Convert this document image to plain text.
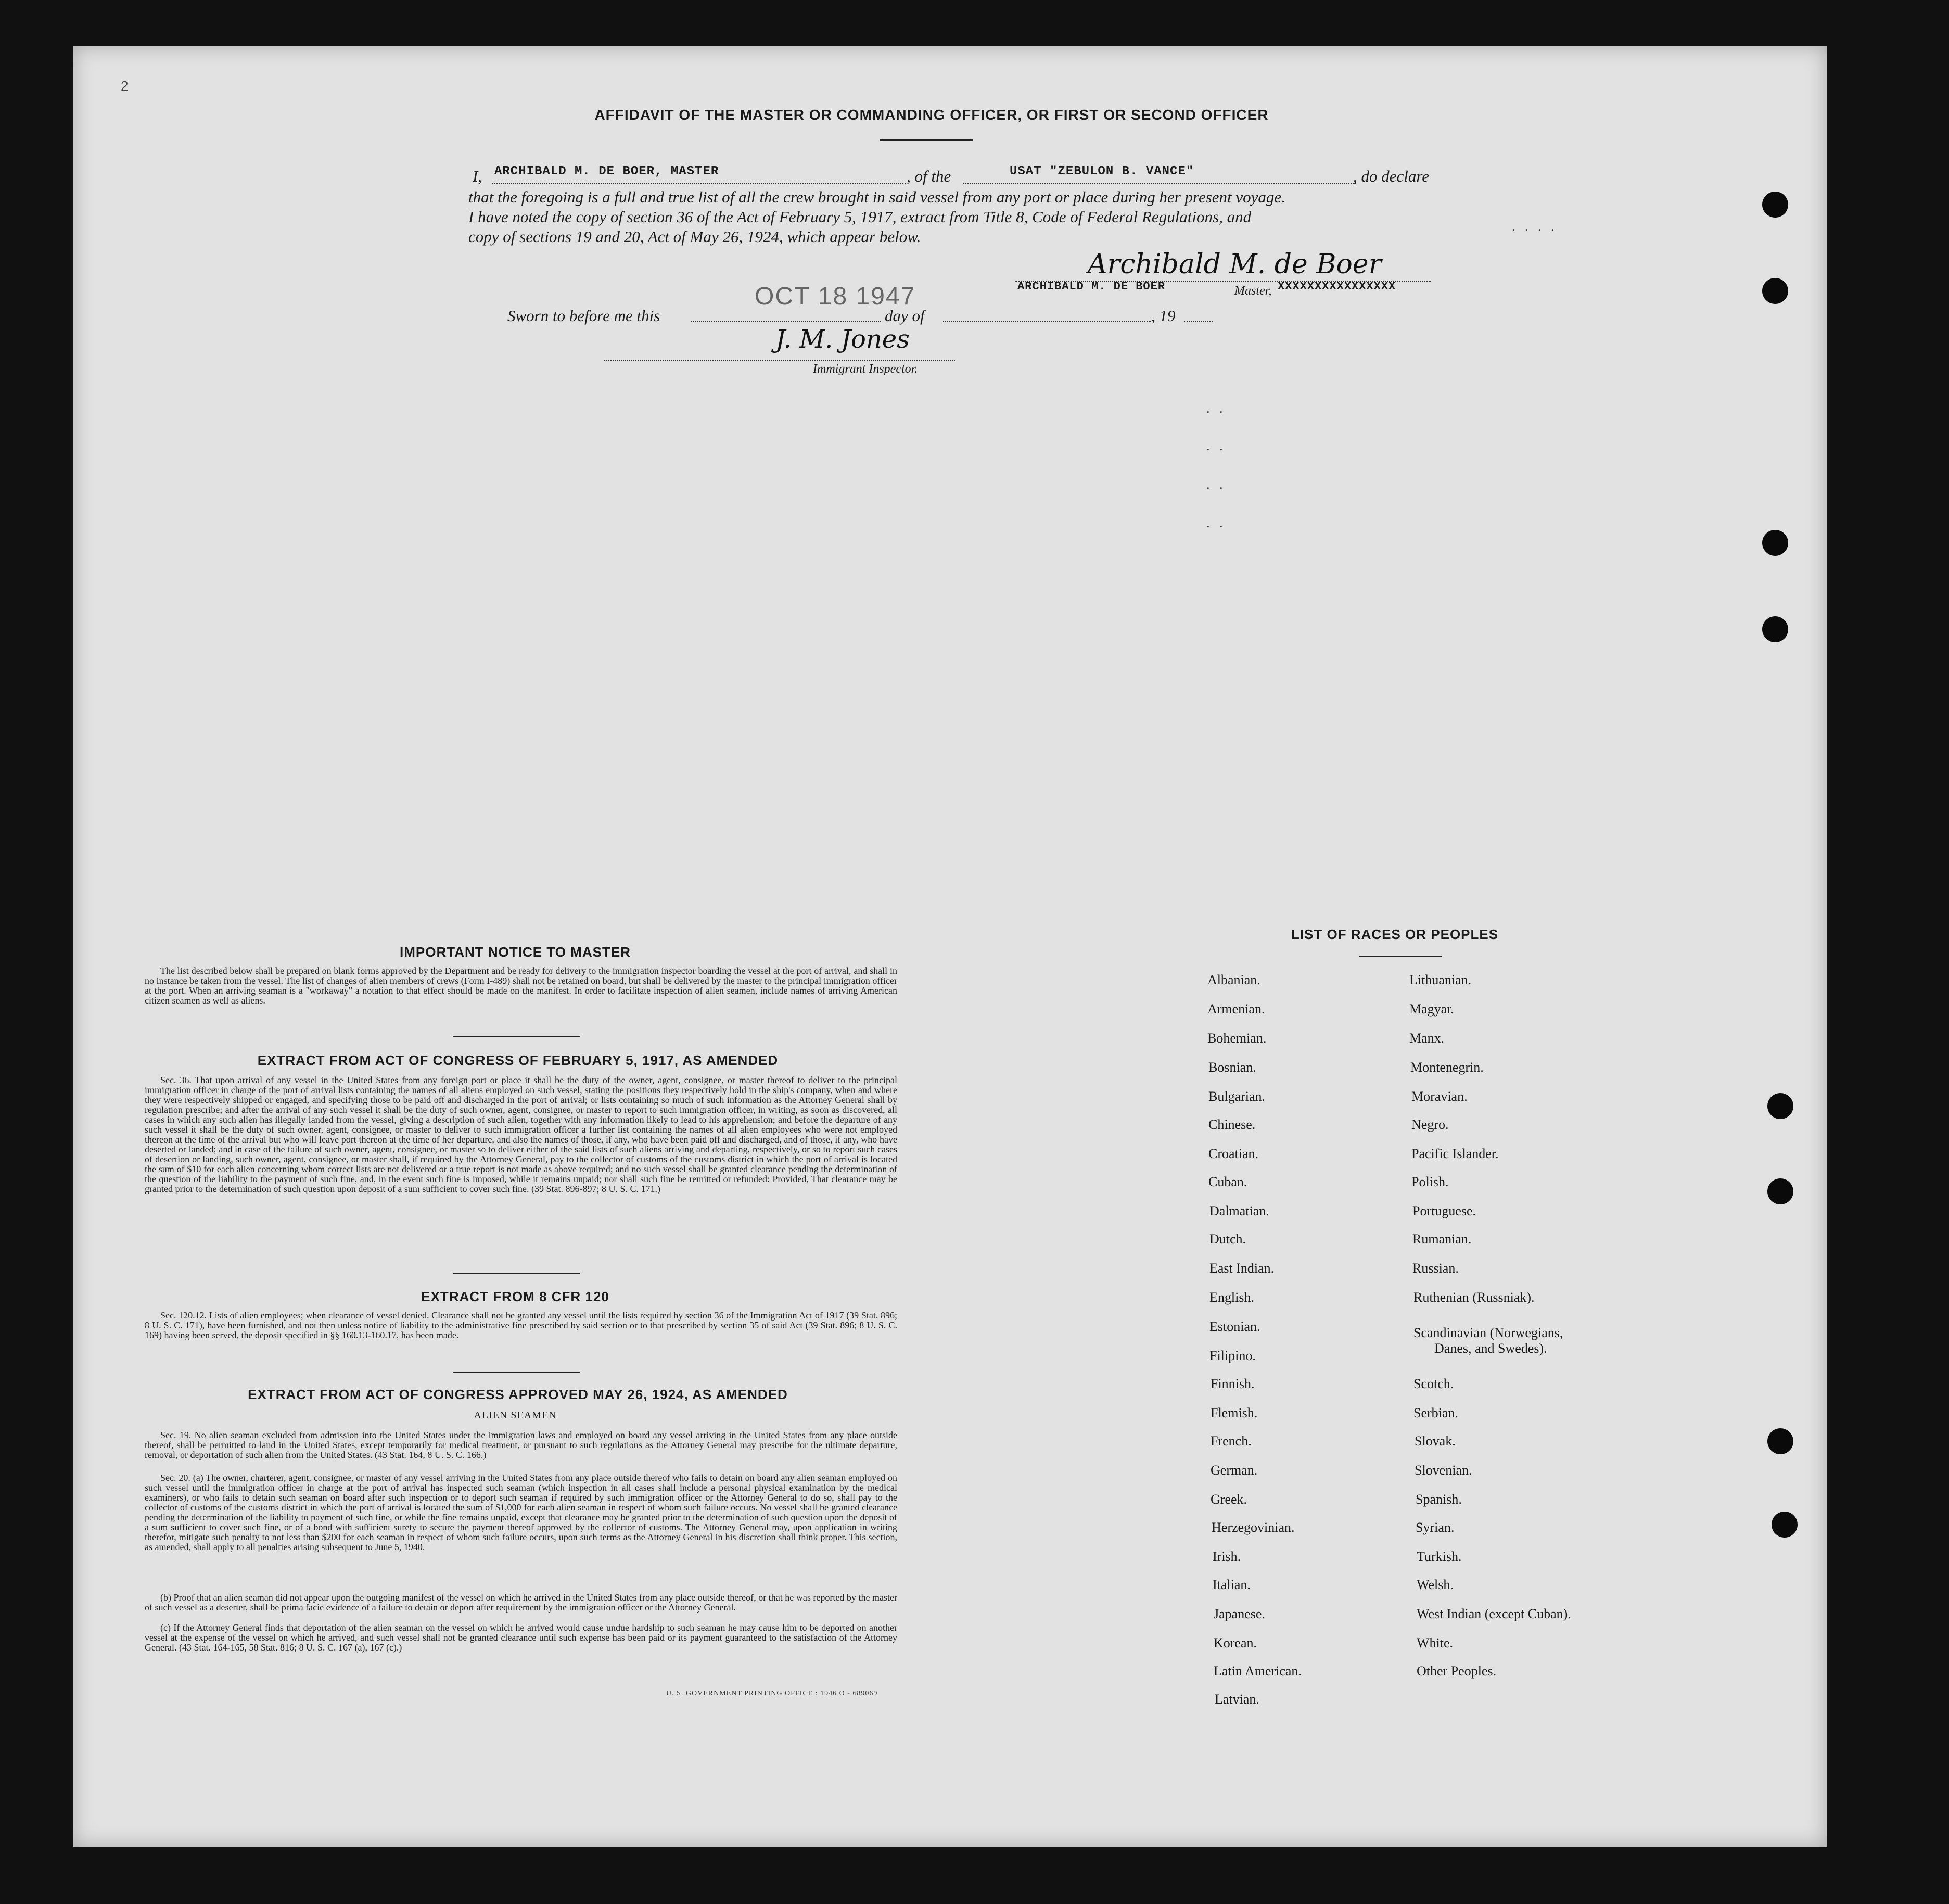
2
AFFIDAVIT OF THE MASTER OR COMMANDING OFFICER, OR FIRST OR SECOND OFFICER
I, ARCHIBALD M. DE BOER, MASTER	, of the	USAT "ZEBULON B. VANCE"	, do declare
that the foregoing is a full and true list of all the crew brought in said vessel from any port or place during her present voyage.
I have noted the copy of section 36 of the Act of February 5, 1917, extract from Title 8, Code of Federal Regulations, and
copy of sections 19 and 20, Act of May 26, 1924, which appear below.
. . . .
Archibald M. de Boer
ARCHIBALD M. DE BOER	Master, XXXXXXXXXXXXXXXX
Sworn to before me this
OCT 18 1947
day of	, 19
J. M. Jones
Immigrant Inspector.
. .
. .
. .
. .
IMPORTANT NOTICE TO MASTER
The list described below shall be prepared on blank forms approved by the Department and be ready for delivery to the immigration inspector boarding the vessel at the port of arrival, and shall in no instance be taken from the vessel. The list of changes of alien members of crews (Form I-489) shall not be retained on board, but shall be delivered by the master to the principal immigration officer at the port. When an arriving seaman is a "workaway" a notation to that effect should be made on the manifest. In order to facilitate inspection of alien seamen, include names of arriving American citizen seamen as well as aliens.
EXTRACT FROM ACT OF CONGRESS OF FEBRUARY 5, 1917, AS AMENDED
Sec. 36. That upon arrival of any vessel in the United States from any foreign port or place it shall be the duty of the owner, agent, consignee, or master thereof to deliver to the principal immigration officer in charge of the port of arrival lists containing the names of all aliens employed on such vessel, stating the positions they respectively hold in the ship's company, when and where they were respectively shipped or engaged, and specifying those to be paid off and discharged in the port of arrival; or lists containing so much of such information as the Attorney General shall by regulation prescribe; and after the arrival of any such vessel it shall be the duty of such owner, agent, consignee, or master to report to such immigration officer, in writing, as soon as discovered, all cases in which any such alien has illegally landed from the vessel, giving a description of such alien, together with any information likely to lead to his apprehension; and before the departure of any such vessel it shall be the duty of such owner, agent, consignee, or master to deliver to such immigration officer a further list containing the names of all alien employees who were not employed thereon at the time of the arrival but who will leave port thereon at the time of her departure, and also the names of those, if any, who have been paid off and discharged, and of those, if any, who have deserted or landed; and in case of the failure of such owner, agent, consignee, or master so to deliver either of the said lists of such aliens arriving and departing, respectively, or so to report such cases of desertion or landing, such owner, agent, consignee, or master shall, if required by the Attorney General, pay to the collector of customs of the customs district in which the port of arrival is located the sum of $10 for each alien concerning whom correct lists are not delivered or a true report is not made as above required; and no such vessel shall be granted clearance pending the determination of the question of the liability to the payment of such fine, and, in the event such fine is imposed, while it remains unpaid; nor shall such fine be remitted or refunded: Provided, That clearance may be granted prior to the determination of such question upon deposit of a sum sufficient to cover such fine. (39 Stat. 896-897; 8 U. S. C. 171.)
EXTRACT FROM 8 CFR 120
Sec. 120.12. Lists of alien employees; when clearance of vessel denied. Clearance shall not be granted any vessel until the lists required by section 36 of the Immigration Act of 1917 (39 Stat. 896; 8 U. S. C. 171), have been furnished, and not then unless notice of liability to the administrative fine prescribed by said section or to that prescribed by section 35 of said Act (39 Stat. 896; 8 U. S. C. 169) having been served, the deposit specified in §§ 160.13-160.17, has been made.
EXTRACT FROM ACT OF CONGRESS APPROVED MAY 26, 1924, AS AMENDED
ALIEN SEAMEN
Sec. 19. No alien seaman excluded from admission into the United States under the immigration laws and employed on board any vessel arriving in the United States from any place outside thereof, shall be permitted to land in the United States, except temporarily for medical treatment, or pursuant to such regulations as the Attorney General may prescribe for the ultimate departure, removal, or deportation of such alien from the United States. (43 Stat. 164, 8 U. S. C. 166.)
Sec. 20. (a) The owner, charterer, agent, consignee, or master of any vessel arriving in the United States from any place outside thereof who fails to detain on board any alien seaman employed on such vessel until the immigration officer in charge at the port of arrival has inspected such seaman (which inspection in all cases shall include a personal physical examination by the medical examiners), or who fails to detain such seaman on board after such inspection or to deport such seaman if required by such immigration officer or the Attorney General to do so, shall pay to the collector of customs of the customs district in which the port of arrival is located the sum of $1,000 for each alien seaman in respect of whom such failure occurs. No vessel shall be granted clearance pending the determination of the liability to payment of such fine, or while the fine remains unpaid, except that clearance may be granted prior to the determination of such question upon the deposit of a sum sufficient to cover such fine, or of a bond with sufficient surety to secure the payment thereof approved by the collector of customs. The Attorney General may, upon application in writing therefor, mitigate such penalty to not less than $200 for each seaman in respect of whom such failure occurs, upon such terms as the Attorney General in his discretion shall think proper. This section, as amended, shall apply to all penalties arising subsequent to June 5, 1940.
(b) Proof that an alien seaman did not appear upon the outgoing manifest of the vessel on which he arrived in the United States from any place outside thereof, or that he was reported by the master of such vessel as a deserter, shall be prima facie evidence of a failure to detain or deport after requirement by the immigration officer or the Attorney General.
(c) If the Attorney General finds that deportation of the alien seaman on the vessel on which he arrived would cause undue hardship to such seaman he may cause him to be deported on another vessel at the expense of the vessel on which he arrived, and such vessel shall not be granted clearance until such expense has been paid or its payment guaranteed to the satisfaction of the Attorney General. (43 Stat. 164-165, 58 Stat. 816; 8 U. S. C. 167 (a), 167 (c).)
U. S. GOVERNMENT PRINTING OFFICE : 1946 O - 689069
LIST OF RACES OR PEOPLES
Albanian.
Armenian.
Bohemian.
Bosnian.
Bulgarian.
Chinese.
Croatian.
Cuban.
Dalmatian.
Dutch.
East Indian.
English.
Estonian.
Filipino.
Finnish.
Flemish.
French.
German.
Greek.
Herzegovinian.
Irish.
Italian.
Japanese.
Korean.
Latin American.
Latvian.
Lithuanian.
Magyar.
Manx.
Montenegrin.
Moravian.
Negro.
Pacific Islander.
Polish.
Portuguese.
Rumanian.
Russian.
Ruthenian (Russniak).
Scandinavian (Norwegians,
Danes, and Swedes).
Scotch.
Serbian.
Slovak.
Slovenian.
Spanish.
Syrian.
Turkish.
Welsh.
West Indian (except Cuban).
White.
Other Peoples.
